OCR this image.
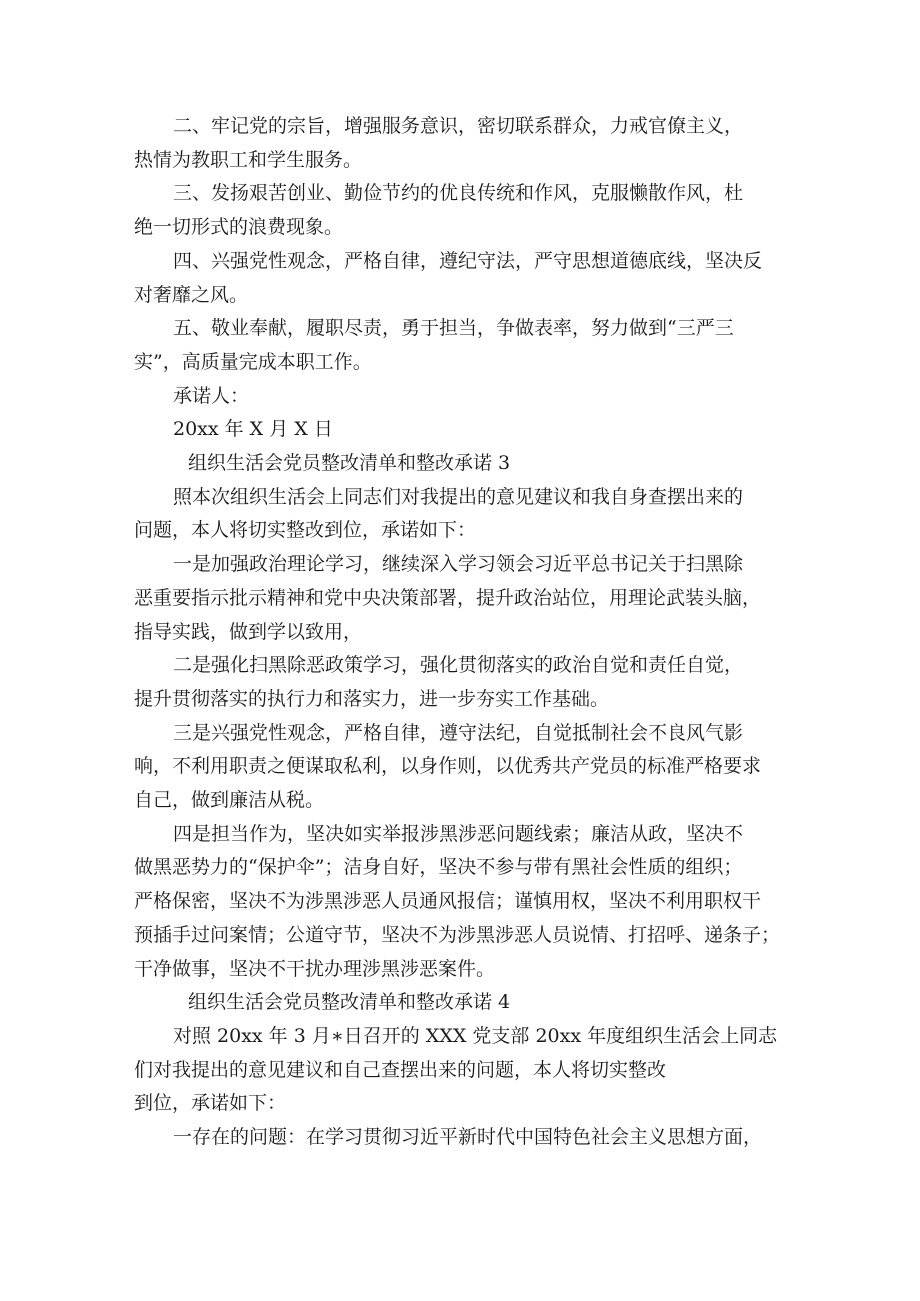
二、牢记党的宗旨，增强服务意识，密切联系群众，力戒官僚主义，
热情为教职工和学生服务。
三、发扬艰苦创业、勤俭节约的优良传统和作风，克服懒散作风，杜
绝一切形式的浪费现象。
四、兴强党性观念，严格自律，遵纪守法，严守思想道德底线，坚决反
对奢靡之风。
五、敬业奉献，履职尽责，勇于担当，争做表率，努力做到“三严三
实”，高质量完成本职工作。
承诺人：
20xx 年 X 月 X 日
组织生活会党员整改清单和整改承诺 3
照本次组织生活会上同志们对我提出的意见建议和我自身查摆出来的
问题，本人将切实整改到位，承诺如下：
一是加强政治理论学习，继续深入学习领会习近平总书记关于扫黑除
恶重要指示批示精神和党中央决策部署，提升政治站位，用理论武装头脑，
指导实践，做到学以致用，
二是强化扫黑除恶政策学习，强化贯彻落实的政治自觉和责任自觉，
提升贯彻落实的执行力和落实力，进一步夯实工作基础。
三是兴强党性观念，严格自律，遵守法纪，自觉抵制社会不良风气影
响，不利用职责之便谋取私利，以身作则，以优秀共产党员的标准严格要求
自己，做到廉洁从税。
四是担当作为，坚决如实举报涉黑涉恶问题线索；廉洁从政，坚决不
做黑恶势力的“保护伞”；洁身自好，坚决不参与带有黑社会性质的组织；
严格保密，坚决不为涉黑涉恶人员通风报信；谨慎用权，坚决不利用职权干
预插手过问案情；公道守节，坚决不为涉黑涉恶人员说情、打招呼、递条子；
干净做事，坚决不干扰办理涉黑涉恶案件。
组织生活会党员整改清单和整改承诺 4
对照 20xx 年 3 月∗日召开的 XXX 党支部 20xx 年度组织生活会上同志
们对我提出的意见建议和自己查摆出来的问题，本人将切实整改
到位，承诺如下：
一存在的问题：在学习贯彻习近平新时代中国特色社会主义思想方面，
